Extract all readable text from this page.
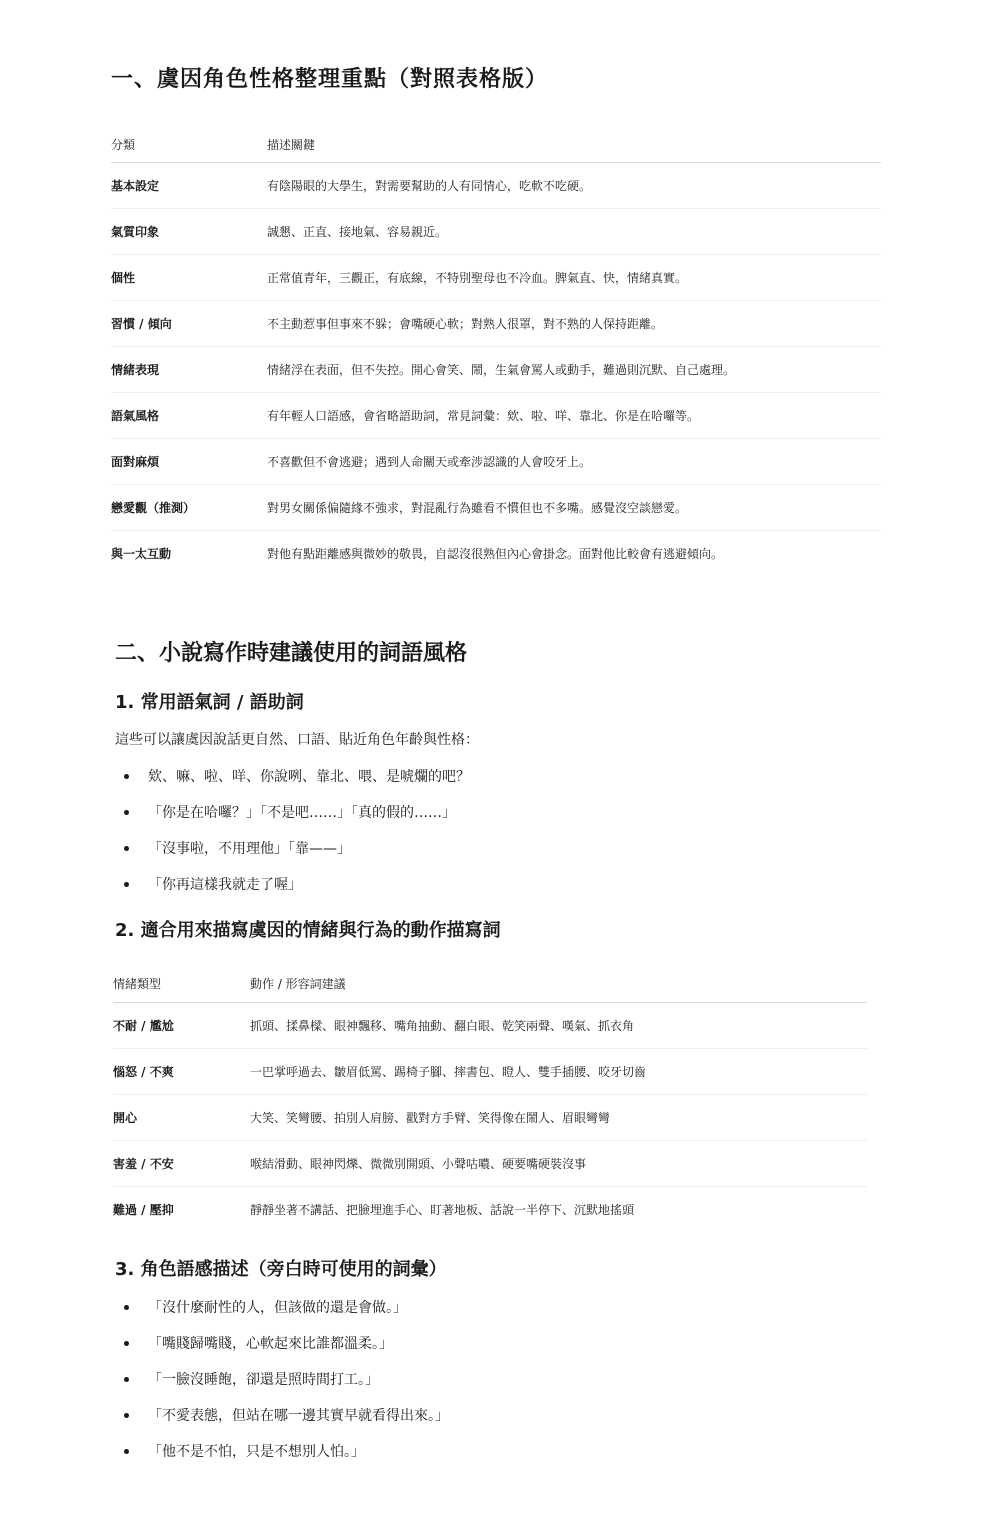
一、虞因角色性格整理重點（對照表格版）
分類	描述關鍵
基本設定	有陰陽眼的大學生，對需要幫助的人有同情心，吃軟不吃硬。
氣質印象	誠懇、正直、接地氣、容易親近。
個性	正常值青年，三觀正，有底線，不特別聖母也不冷血。脾氣直、快，情緒真實。
習慣 / 傾向	不主動惹事但事來不躲；會嘴硬心軟；對熟人很罩，對不熟的人保持距離。
情緒表現	情緒浮在表面，但不失控。開心會笑、鬧，生氣會罵人或動手，難過則沉默、自己處理。
語氣風格	有年輕人口語感，會省略語助詞，常見詞彙：欸、啦、咩、靠北、你是在哈囉等。
面對麻煩	不喜歡但不會逃避；遇到人命關天或牽涉認識的人會咬牙上。
戀愛觀（推測）	對男女關係偏隨緣不強求，對混亂行為雖看不慣但也不多嘴。感覺沒空談戀愛。
與一太互動	對他有點距離感與微妙的敬畏，自認沒很熟但內心會掛念。面對他比較會有逃避傾向。
二、小說寫作時建議使用的詞語風格
1. 常用語氣詞 / 語助詞

這些可以讓虞因說話更自然、口語、貼近角色年齡與性格：

欸、嘛、啦、咩、你說咧、靠北、喂、是唬爛的吧？
「你是在哈囉？」「不是吧……」「真的假的……」
「沒事啦，不用理他」「靠——」
「你再這樣我就走了喔」
2. 適合用來描寫虞因的情緒與行為的動作描寫詞
情緒類型	動作 / 形容詞建議
不耐 / 尷尬	抓頭、揉鼻樑、眼神飄移、嘴角抽動、翻白眼、乾笑兩聲、嘆氣、抓衣角
惱怒 / 不爽	一巴掌呼過去、皺眉低罵、踢椅子腳、摔書包、瞪人、雙手插腰、咬牙切齒
開心	大笑、笑彎腰、拍別人肩膀、戳對方手臂、笑得像在鬧人、眉眼彎彎
害羞 / 不安	喉結滑動、眼神閃爍、微微別開頭、小聲咕噥、硬要嘴硬裝沒事
難過 / 壓抑	靜靜坐著不講話、把臉埋進手心、盯著地板、話說一半停下、沉默地搖頭
3. 角色語感描述（旁白時可使用的詞彙）
「沒什麼耐性的人，但該做的還是會做。」
「嘴賤歸嘴賤，心軟起來比誰都溫柔。」
「一臉沒睡飽，卻還是照時間打工。」
「不愛表態，但站在哪一邊其實早就看得出來。」
「他不是不怕，只是不想別人怕。」
